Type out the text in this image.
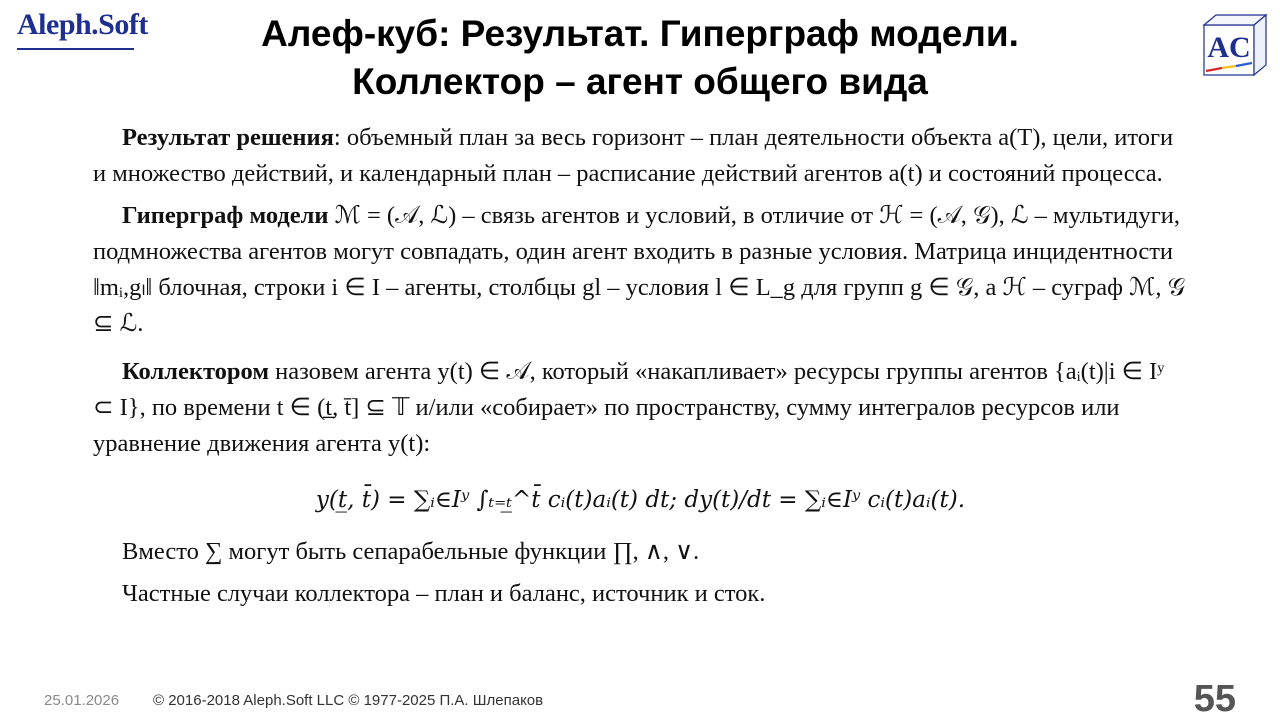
Aleph.Soft	Алеф-куб: Результат. Гиперграф модели.
Коллектор – агент общего вида
AC

Результат решения: объемный план за весь горизонт – план деятельности объекта a(T), цели, итоги и множество действий, и календарный план – расписание действий агентов a(t) и состояний процесса.

Гиперграф модели ℳ = (𝒜, ℒ) – связь агентов и условий, в отличие от ℋ = (𝒜, 𝒢), ℒ – мультидуги, подмножества агентов могут совпадать, один агент входить в разные условия. Матрица инцидентности ‖mᵢ,gₗ‖ блочная, строки i ∈ I – агенты, столбцы gl – условия l ∈ L_g для групп g ∈ 𝒢, а ℋ – суграф ℳ, 𝒢 ⊆ ℒ.

Коллектором назовем агента y(t) ∈ 𝒜, который «накапливает» ресурсы группы агентов {aᵢ(t)|i ∈ Iʸ ⊂ I}, по времени t ∈ (t̲, t̄] ⊆ 𝕋 и/или «собирает» по пространству, сумму интегралов ресурсов или уравнение движения агента y(t):

y(t̲, t̄) = ∑ᵢ∈Iʸ ∫ₜ₌ₜ̲^t̄ cᵢ(t)aᵢ(t) dt; dy(t)/dt = ∑ᵢ∈Iʸ cᵢ(t)aᵢ(t).

Вместо ∑ могут быть сепарабельные функции ∏, ∧, ∨.

Частные случаи коллектора – план и баланс, источник и сток.

25.01.2026 © 2016-2018 Aleph.Soft LLC © 1977-2025 П.А. Шлепаков	55
